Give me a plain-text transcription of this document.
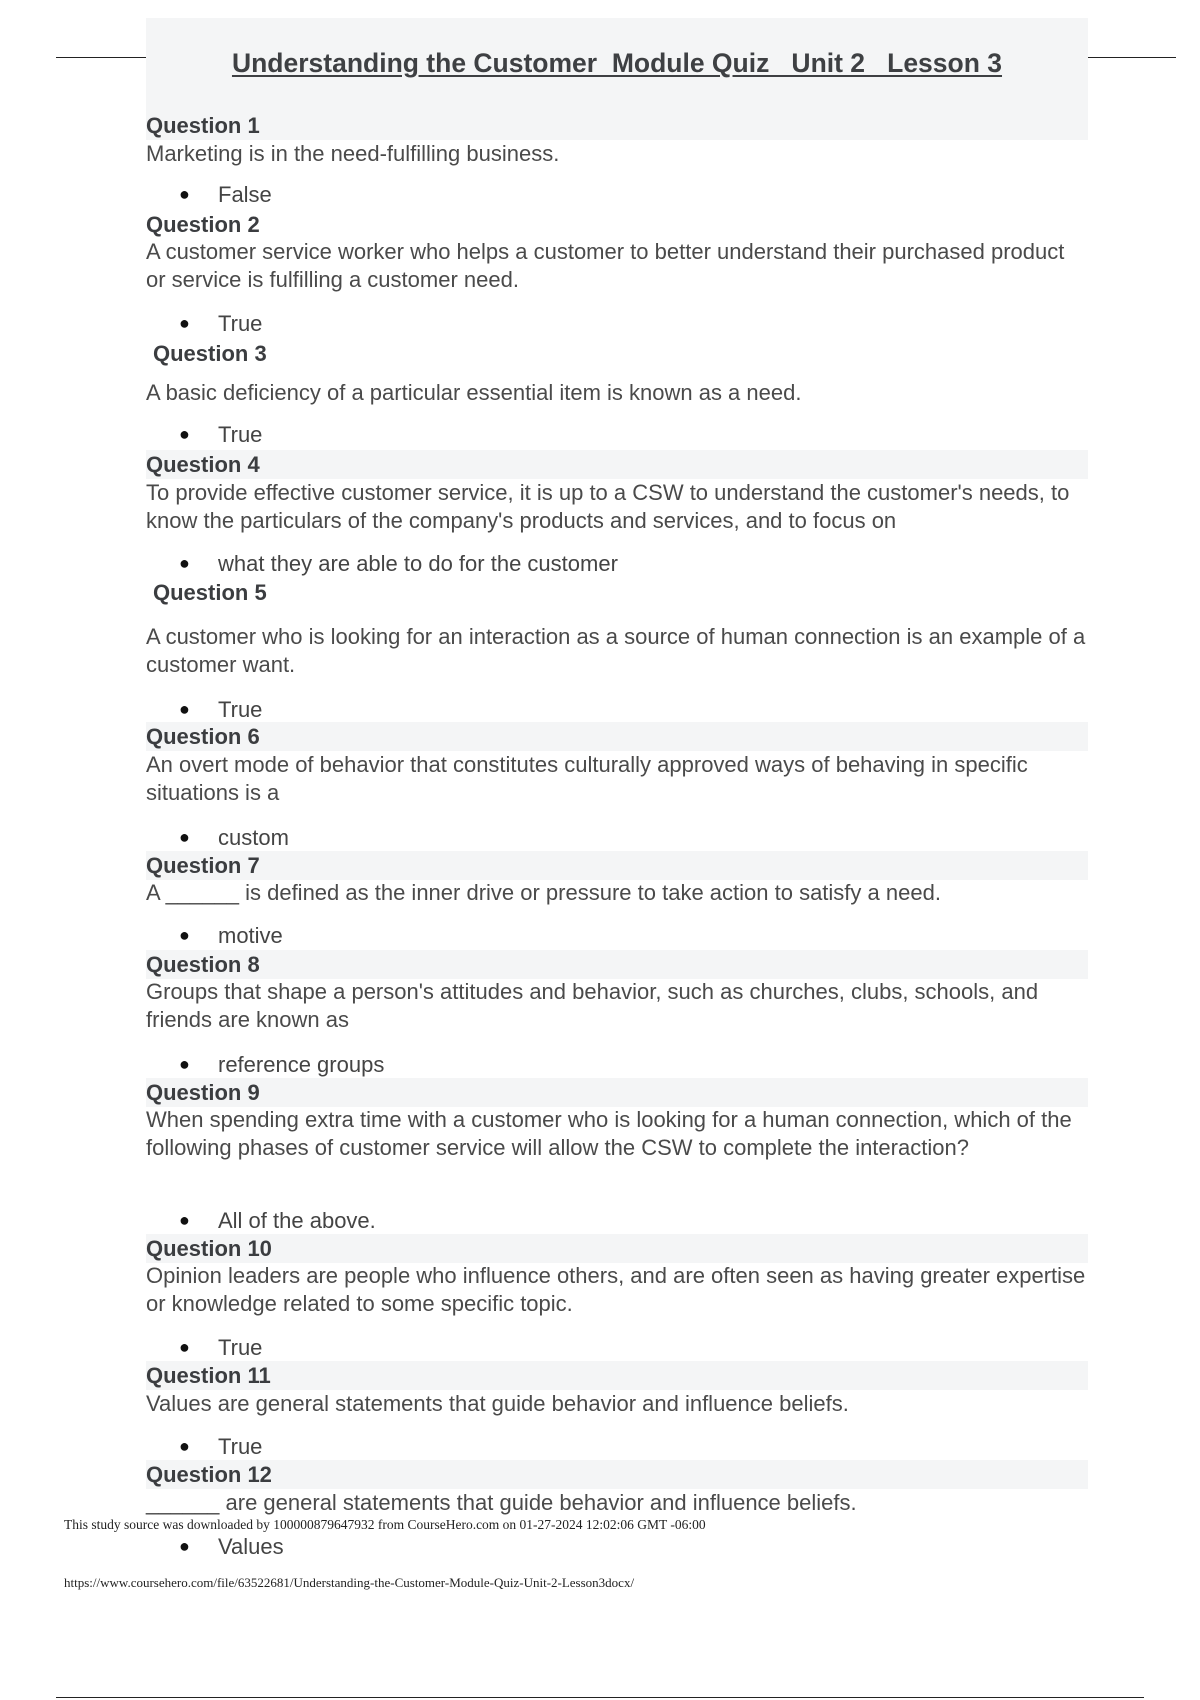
Understanding the Customer  Module Quiz   Unit 2   Lesson 3
Question 1
Marketing is in the need-fulfilling business.
● False
Question 2
A customer service worker who helps a customer to better understand their purchased product or service is fulfilling a customer need.
● True
Question 3
A basic deficiency of a particular essential item is known as a need.
● True
Question 4
To provide effective customer service, it is up to a CSW to understand the customer's needs, to know the particulars of the company's products and services, and to focus on
● what they are able to do for the customer
Question 5
A customer who is looking for an interaction as a source of human connection is an example of a customer want.
● True
Question 6
An overt mode of behavior that constitutes culturally approved ways of behaving in specific situations is a
● custom
Question 7
A ______ is defined as the inner drive or pressure to take action to satisfy a need.
● motive
Question 8
Groups that shape a person's attitudes and behavior, such as churches, clubs, schools, and friends are known as
● reference groups
Question 9
When spending extra time with a customer who is looking for a human connection, which of the following phases of customer service will allow the CSW to complete the interaction?
● All of the above.
Question 10
Opinion leaders are people who influence others, and are often seen as having greater expertise or knowledge related to some specific topic.
● True
Question 11
Values are general statements that guide behavior and influence beliefs.
● True
Question 12
______ are general statements that guide behavior and influence beliefs.
This study source was downloaded by 100000879647932 from CourseHero.com on 01-27-2024 12:02:06 GMT -06:00
● Values
https://www.coursehero.com/file/63522681/Understanding-the-Customer-Module-Quiz-Unit-2-Lesson3docx/
